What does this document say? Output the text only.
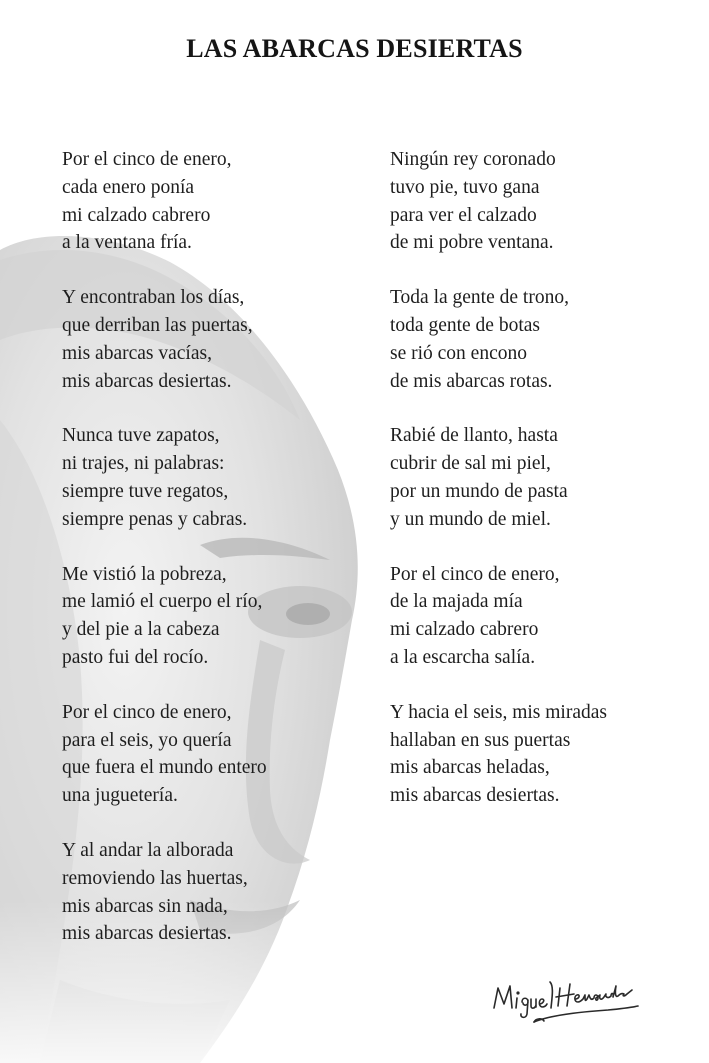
LAS ABARCAS DESIERTAS
Por el cinco de enero,
cada enero ponía
mi calzado cabrero
a la ventana fría.
Y encontraban los días,
que derriban las puertas,
mis abarcas vacías,
mis abarcas desiertas.
Nunca tuve zapatos,
ni trajes, ni palabras:
siempre tuve regatos,
siempre penas y cabras.
Me vistió la pobreza,
me lamió el cuerpo el río,
y del pie a la cabeza
pasto fui del rocío.
Por el cinco de enero,
para el seis, yo quería
que fuera el mundo entero
una juguetería.
Y al andar la alborada
removiendo las huertas,
mis abarcas sin nada,
mis abarcas desiertas.
Ningún rey coronado
tuvo pie, tuvo gana
para ver el calzado
de mi pobre ventana.
Toda la gente de trono,
toda gente de botas
se rió con encono
de mis abarcas rotas.
Rabié de llanto, hasta
cubrir de sal mi piel,
por un mundo de pasta
y un mundo de miel.
Por el cinco de enero,
de la majada mía
mi calzado cabrero
a la escarcha salía.
Y hacia el seis, mis miradas
hallaban en sus puertas
mis abarcas heladas,
mis abarcas desiertas.
